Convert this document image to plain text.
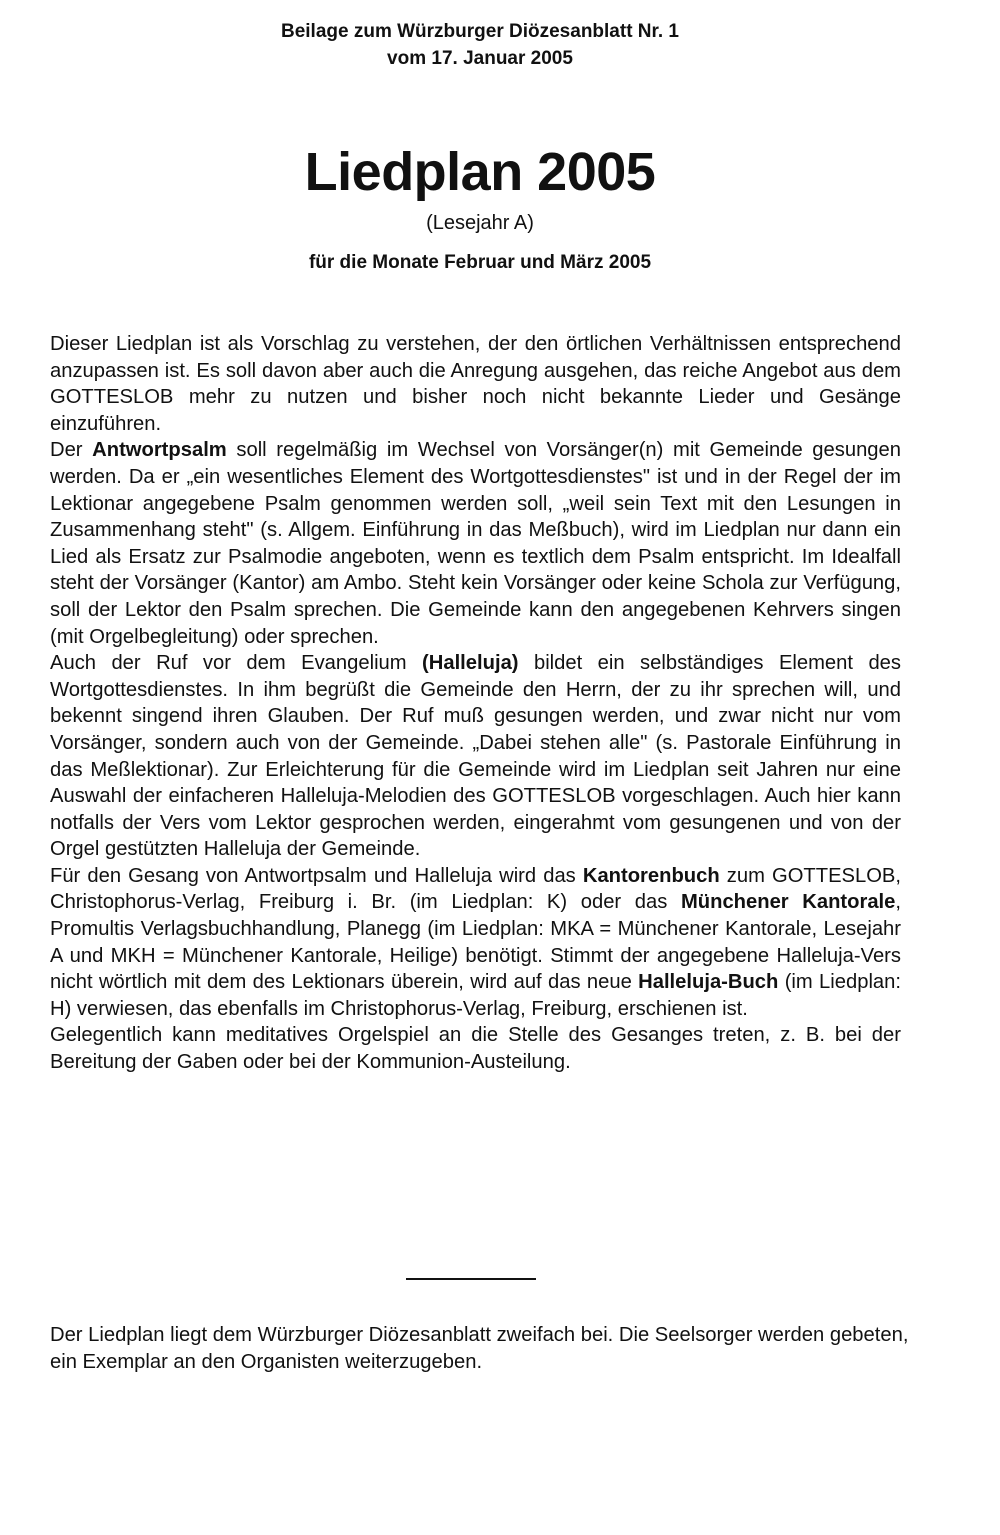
Beilage zum Würzburger Diözesanblatt Nr. 1
vom 17. Januar 2005
Liedplan 2005
(Lesejahr A)
für die Monate Februar und März 2005

Dieser Liedplan ist als Vorschlag zu verstehen, der den örtlichen Verhältnissen entsprechend anzupassen ist. Es soll davon aber auch die Anregung ausgehen, das reiche Angebot aus dem GOTTESLOB mehr zu nutzen und bisher noch nicht bekannte Lieder und Gesänge einzuführen.

Der Antwortpsalm soll regelmäßig im Wechsel von Vorsänger(n) mit Gemeinde gesungen werden. Da er „ein wesentliches Element des Wortgottesdienstes" ist und in der Regel der im Lektionar angegebene Psalm genommen werden soll, „weil sein Text mit den Lesungen in Zusammenhang steht" (s. Allgem. Einführung in das Meßbuch), wird im Liedplan nur dann ein Lied als Ersatz zur Psalmodie angeboten, wenn es textlich dem Psalm entspricht. Im Idealfall steht der Vorsänger (Kantor) am Ambo. Steht kein Vorsänger oder keine Schola zur Verfügung, soll der Lektor den Psalm sprechen. Die Gemeinde kann den angegebenen Kehrvers singen (mit Orgelbegleitung) oder sprechen.

Auch der Ruf vor dem Evangelium (Halleluja) bildet ein selbständiges Element des Wortgottesdienstes. In ihm begrüßt die Gemeinde den Herrn, der zu ihr sprechen will, und bekennt singend ihren Glauben. Der Ruf muß gesungen werden, und zwar nicht nur vom Vorsänger, sondern auch von der Gemeinde. „Dabei stehen alle" (s. Pastorale Einführung in das Meßlektionar). Zur Erleichterung für die Gemeinde wird im Liedplan seit Jahren nur eine Auswahl der einfacheren Halleluja-Melodien des GOTTESLOB vorgeschlagen. Auch hier kann notfalls der Vers vom Lektor gesprochen werden, eingerahmt vom gesungenen und von der Orgel gestützten Halleluja der Gemeinde.

Für den Gesang von Antwortpsalm und Halleluja wird das Kantorenbuch zum GOTTESLOB, Christophorus-Verlag, Freiburg i. Br. (im Liedplan: K) oder das Münchener Kantorale, Promultis Verlagsbuchhandlung, Planegg (im Liedplan: MKA = Münchener Kantorale, Lesejahr A und MKH = Münchener Kantorale, Heilige) benötigt. Stimmt der angegebene Halleluja-Vers nicht wörtlich mit dem des Lektionars überein, wird auf das neue Halleluja-Buch (im Liedplan: H) verwiesen, das ebenfalls im Christophorus-Verlag, Freiburg, erschienen ist.

Gelegentlich kann meditatives Orgelspiel an die Stelle des Gesanges treten, z. B. bei der Bereitung der Gaben oder bei der Kommunion-Austeilung.

Der Liedplan liegt dem Würzburger Diözesanblatt zweifach bei. Die Seelsorger werden gebeten, ein Exemplar an den Organisten weiterzugeben.
